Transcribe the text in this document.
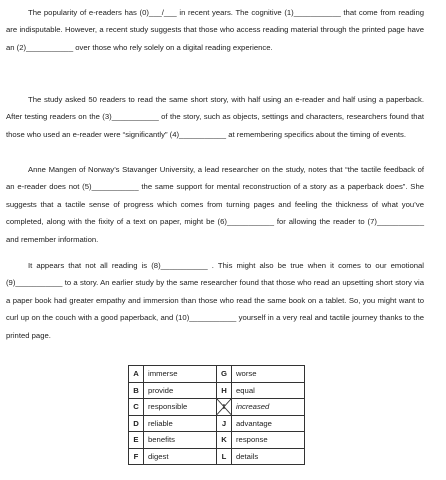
The popularity of e-readers has (0)___/___ in recent years. The cognitive (1)___________ that come from reading are indisputable. However, a recent study suggests that those who access reading material through the printed page have an (2)___________ over those who rely solely on a digital reading experience.

The study asked 50 readers to read the same short story, with half using an e-reader and half using a paperback. After testing readers on the (3)___________ of the story, such as objects, settings and characters, researchers found that those who used an e-reader were “significantly” (4)___________ at remembering specifics about the timing of events.

Anne Mangen of Norway’s Stavanger University, a lead researcher on the study, notes that “the tactile feedback of an e-reader does not (5)___________ the same support for mental reconstruction of a story as a paperback does”. She suggests that a tactile sense of progress which comes from turning pages and feeling the thickness of what you’ve completed, along with the fixity of a text on paper, might be (6)___________ for allowing the reader to (7)___________ and remember information.

It appears that not all reading is (8)___________ . This might also be true when it comes to our emotional (9)___________ to a story. An earlier study by the same researcher found that those who read an upsetting short story via a paper book had greater empathy and immersion than those who read the same book on a tablet. So, you might want to curl up on the couch with a good paperback, and (10)___________ yourself in a very real and tactile journey thanks to the printed page.

A	immerse	G	worse
B	provide	H	equal
C	responsible		increased
D	reliable	J	advantage
E	benefits	K	response
F	digest	L	details
